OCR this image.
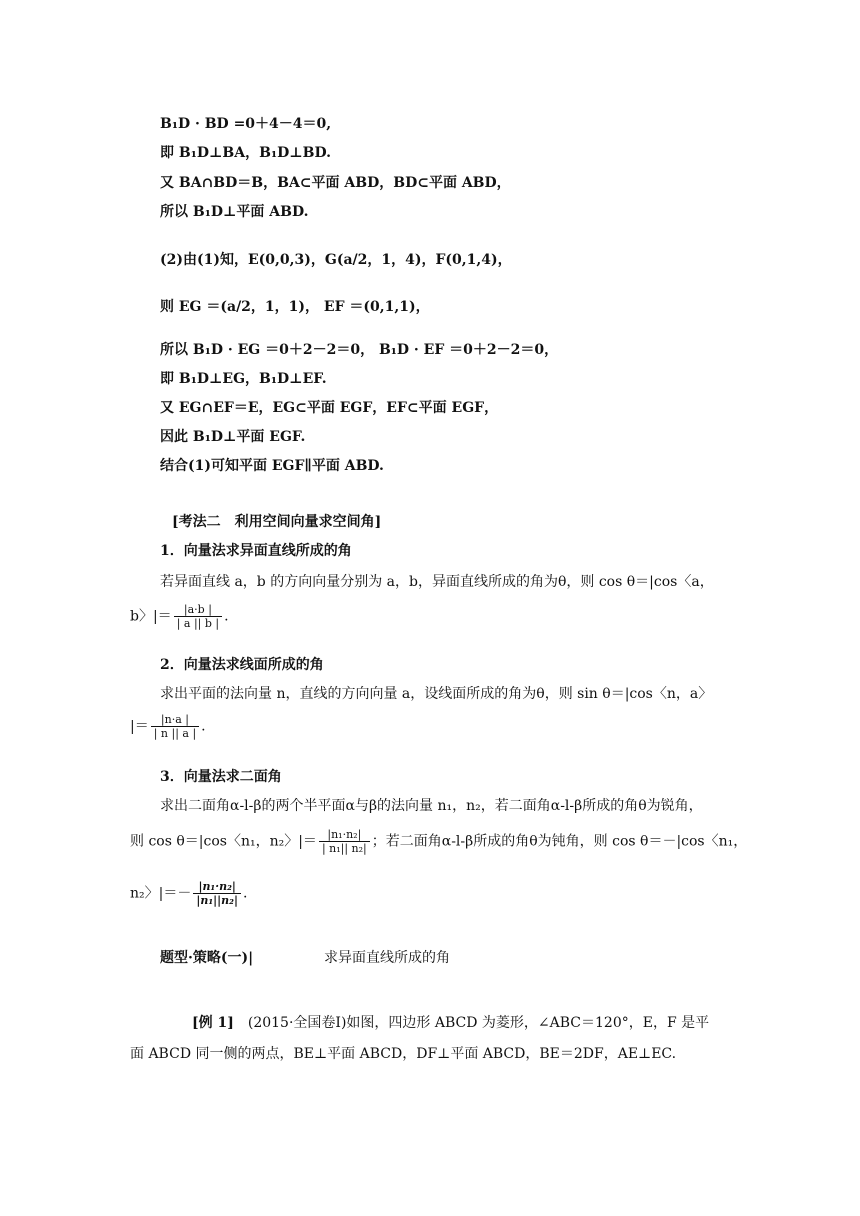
B₁D · BD =0＋4－4＝0,
即 B₁D⊥BA，B₁D⊥BD.
又 BA∩BD＝B，BA⊂平面 ABD，BD⊂平面 ABD，
所以 B₁D⊥平面 ABD.
(2)由(1)知，E(0,0,3)，G(a/2，1，4)，F(0,1,4)，
则 EG ＝(a/2，1，1)， EF ＝(0,1,1)，
所以 B₁D · EG ＝0＋2－2＝0， B₁D · EF ＝0＋2－2＝0，
即 B₁D⊥EG，B₁D⊥EF.
又 EG∩EF＝E，EG⊂平面 EGF，EF⊂平面 EGF，
因此 B₁D⊥平面 EGF.
结合(1)可知平面 EGF∥平面 ABD.
[考法二　利用空间向量求空间角]
1．向量法求异面直线所成的角
若异面直线 a，b 的方向向量分别为 a，b，异面直线所成的角为θ，则 cos θ＝|cos〈a，
b〉|＝ $\frac{|a\cdot b |}{| a || b |}$ .
2．向量法求线面所成的角
求出平面的法向量 n，直线的方向向量 a，设线面所成的角为θ，则 sin θ＝|cos〈n，a〉
|＝ $\frac{|n\cdot a |}{| n || a |}$ .
3．向量法求二面角
求出二面角α-l-β的两个半平面α与β的法向量 n₁，n₂，若二面角α-l-β所成的角θ为锐角，
则 cos θ＝|cos〈n₁，n₂〉|＝ $\frac{\text{|n₁·n₂|}}{\text{| n₁|| n₂|}}$ ；若二面角α-l-β所成的角θ为钝角，则 cos θ＝－|cos〈n₁，
n₂〉|＝－ $\frac{\text{|n₁·n₂|}}{\text{|n₁||n₂|}}$ .
题型·策略(一)|	求异面直线所成的角
[例 1]　 (2015·全国卷Ⅰ)如图，四边形 ABCD 为菱形，∠ABC＝120°，E，F 是平
面 ABCD 同一侧的两点，BE⊥平面 ABCD，DF⊥平面 ABCD，BE＝2DF，AE⊥EC.
